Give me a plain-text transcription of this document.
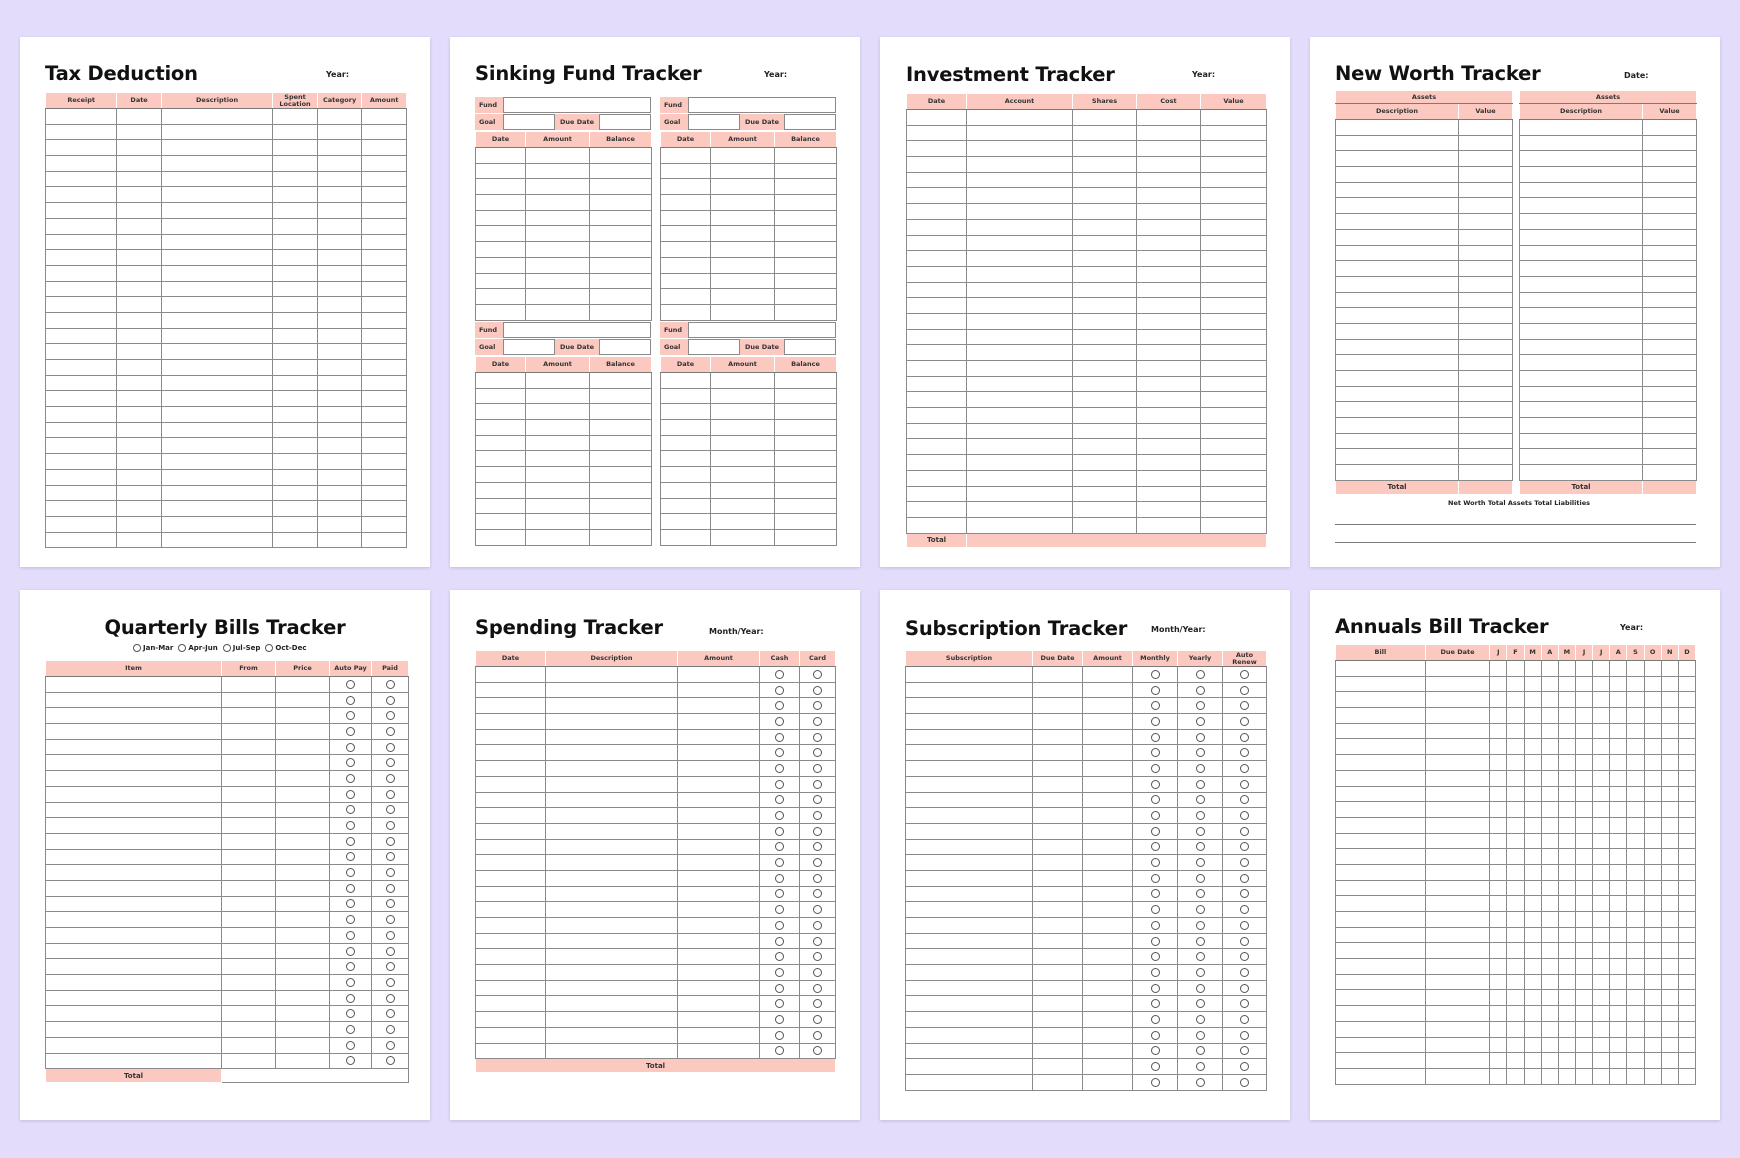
Tax Deduction	Year:
Receipt	Date	Description	Spent Location	Category	Amount

Sinking Fund Tracker	Year:
Fund
Goal	Due Date
Date	Amount	Balance

Fund
Goal	Due Date
Date	Amount	Balance

Fund
Goal	Due Date
Date	Amount	Balance

Fund
Goal	Due Date
Date	Amount	Balance

Investment Tracker	Year:
Date	Account	Shares	Cost	Value

Total				
New Worth Tracker	Date:
Assets	
Description	Value

Total	
Assets	
Description	Value

Total	
Net Worth Total Assets Total Liabilities
Quarterly Bills Tracker
Jan-Mar Apr-Jun Jul-Sep Oct-Dec
Item	From	Price	Auto Pay	Paid

Total				
Spending Tracker	Month/Year:
Date	Description	Amount	Cash	Card

Total				
Subscription Tracker	Month/Year:
Subscription	Due Date	Amount	Monthly	Yearly	Auto Renew

Annuals Bill Tracker	Year:
Bill	Due Date	J	F	M	A	M	J	J	A	S	O	N	D
